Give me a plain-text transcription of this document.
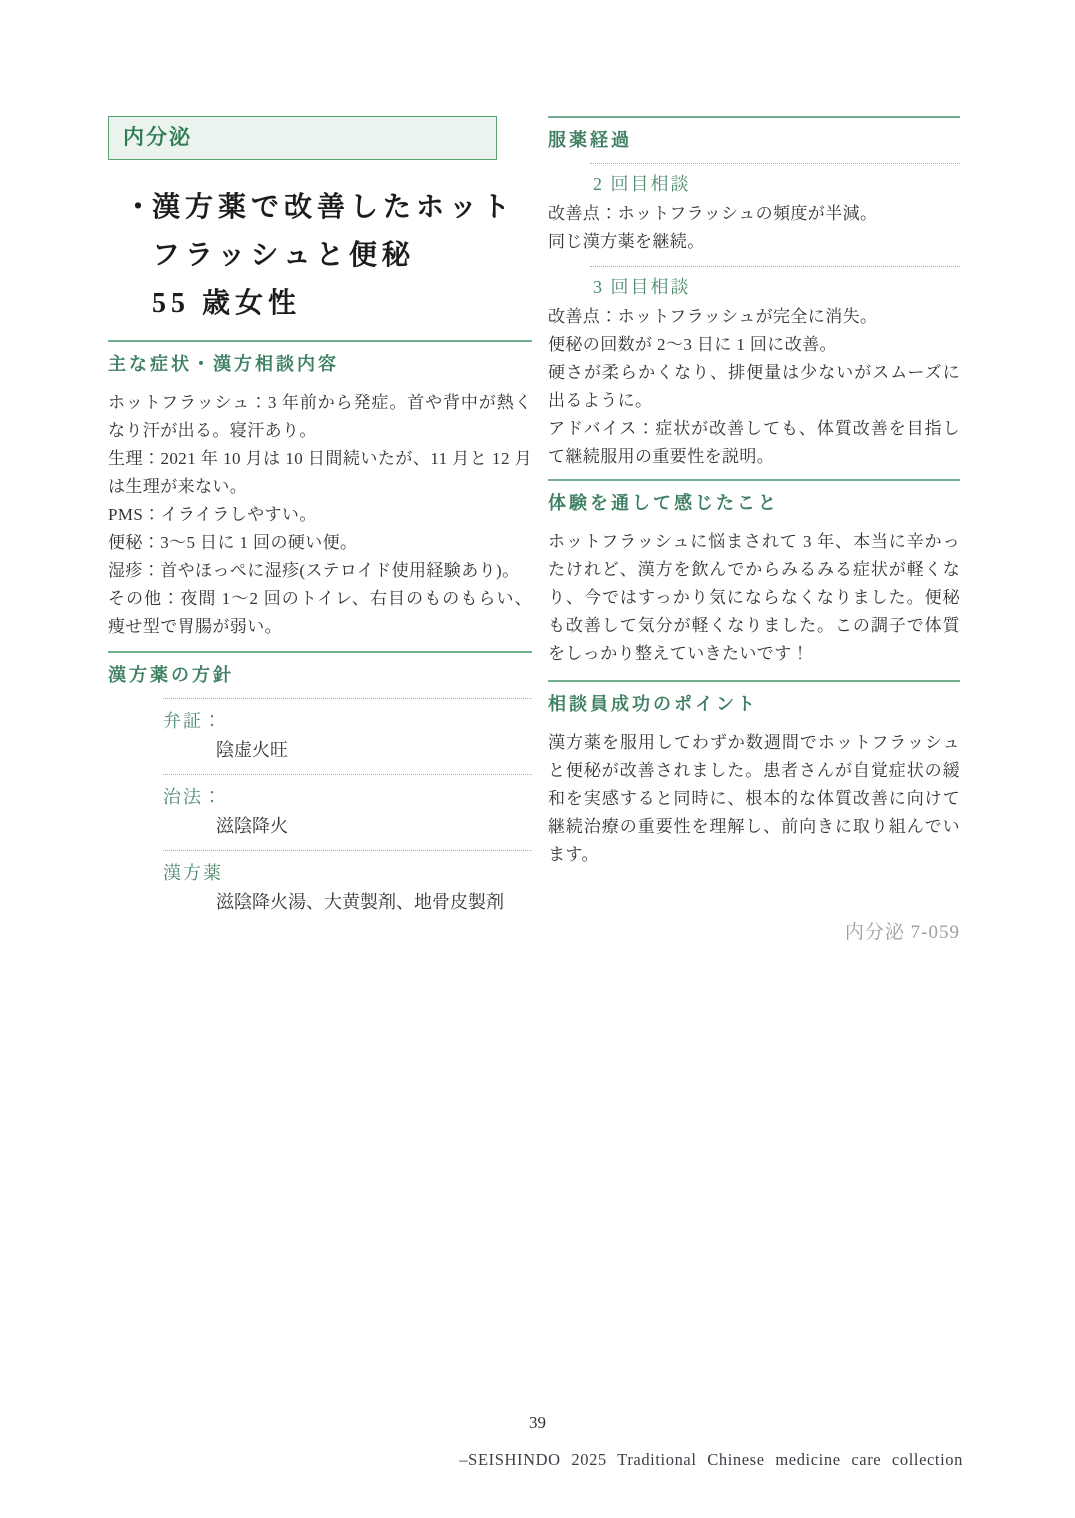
内分泌
・
漢方薬で改善したホット
フラッシュと便秘
55 歳女性
主な症状・漢方相談内容

ホットフラッシュ：3 年前から発症。首や背中が熱くなり汗が出る。寝汗あり。

生理：2021 年 10 月は 10 日間続いたが、11 月と 12 月は生理が来ない。

PMS：イライラしやすい。

便秘：3～5 日に 1 回の硬い便。

湿疹：首やほっぺに湿疹(ステロイド使用経験あり)。

その他：夜間 1～2 回のトイレ、右目のものもらい、痩せ型で胃腸が弱い。

漢方薬の方針
弁証：
陰虚火旺
治法：
滋陰降火
漢方薬
滋陰降火湯、大黄製剤、地骨皮製剤
服薬経過
2 回目相談

改善点：ホットフラッシュの頻度が半減。

同じ漢方薬を継続。

3 回目相談

改善点：ホットフラッシュが完全に消失。

便秘の回数が 2～3 日に 1 回に改善。

硬さが柔らかくなり、排便量は少ないがスムーズに出るように。

アドバイス：症状が改善しても、体質改善を目指して継続服用の重要性を説明。

体験を通して感じたこと

ホットフラッシュに悩まされて 3 年、本当に辛かったけれど、漢方を飲んでからみるみる症状が軽くなり、今ではすっかり気にならなくなりました。便秘も改善して気分が軽くなりました。この調子で体質をしっかり整えていきたいです！

相談員成功のポイント

漢方薬を服用してわずか数週間でホットフラッシュと便秘が改善されました。患者さんが自覚症状の緩和を実感すると同時に、根本的な体質改善に向けて継続治療の重要性を理解し、前向きに取り組んでいます。

内分泌 7-059
39
–SEISHINDO 2025 Traditional Chinese medicine care collection
